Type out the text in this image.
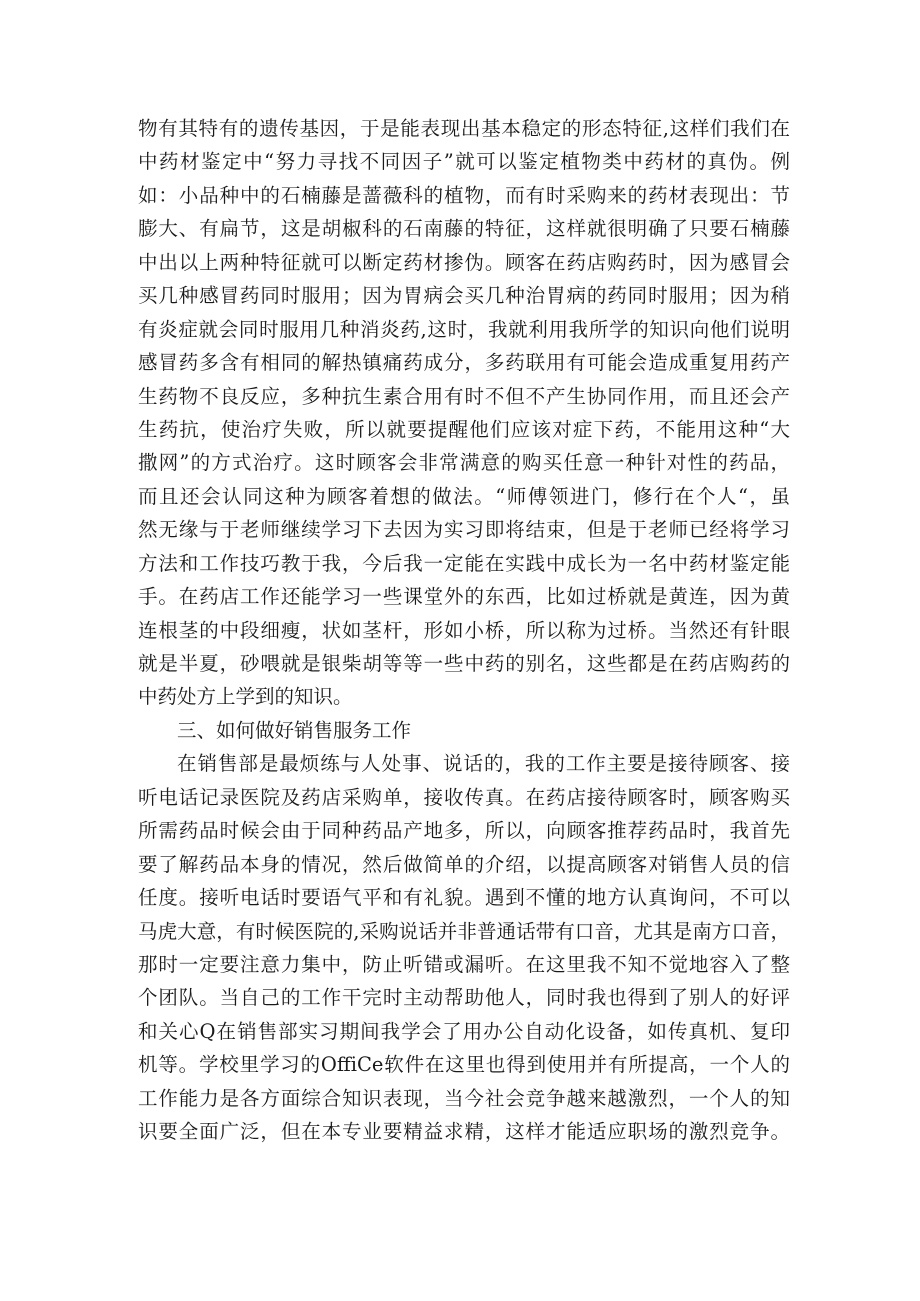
物有其特有的遗传基因，于是能表现出基本稳定的形态特征,这样们我们在
中药材鉴定中“努力寻找不同因子”就可以鉴定植物类中药材的真伪。例
如：小品种中的石楠藤是蔷薇科的植物，而有时采购来的药材表现出：节
膨大、有扁节，这是胡椒科的石南藤的特征，这样就很明确了只要石楠藤
中出以上两种特征就可以断定药材掺伪。顾客在药店购药时，因为感冒会
买几种感冒药同时服用；因为胃病会买几种治胃病的药同时服用；因为稍
有炎症就会同时服用几种消炎药,这时，我就利用我所学的知识向他们说明
感冒药多含有相同的解热镇痛药成分，多药联用有可能会造成重复用药产
生药物不良反应，多种抗生素合用有时不但不产生协同作用，而且还会产
生药抗，使治疗失败，所以就要提醒他们应该对症下药，不能用这种“大
撒网”的方式治疗。这时顾客会非常满意的购买任意一种针对性的药品，
而且还会认同这种为顾客着想的做法。“师傅领进门，修行在个人“，虽
然无缘与于老师继续学习下去因为实习即将结束，但是于老师已经将学习
方法和工作技巧教于我，今后我一定能在实践中成长为一名中药材鉴定能
手。在药店工作还能学习一些课堂外的东西，比如过桥就是黄连，因为黄
连根茎的中段细瘦，状如茎杆，形如小桥，所以称为过桥。当然还有针眼
就是半夏，砂喂就是银柴胡等等一些中药的别名，这些都是在药店购药的
中药处方上学到的知识。
三、如何做好销售服务工作
在销售部是最烦练与人处事、说话的，我的工作主要是接待顾客、接
听电话记录医院及药店采购单，接收传真。在药店接待顾客时，顾客购买
所需药品时候会由于同种药品产地多，所以，向顾客推荐药品时，我首先
要了解药品本身的情况，然后做简单的介绍，以提高顾客对销售人员的信
任度。接听电话时要语气平和有礼貌。遇到不懂的地方认真询问，不可以
马虎大意，有时候医院的,采购说话并非普通话带有口音，尤其是南方口音，
那时一定要注意力集中，防止听错或漏听。在这里我不知不觉地容入了整
个团队。当自己的工作干完时主动帮助他人，同时我也得到了别人的好评
和关心Q在销售部实习期间我学会了用办公自动化设备，如传真机、复印
机等。学校里学习的OffiCe软件在这里也得到使用并有所提高，一个人的
工作能力是各方面综合知识表现，当今社会竞争越来越激烈，一个人的知
识要全面广泛，但在本专业要精益求精，这样才能适应职场的激烈竞争。
